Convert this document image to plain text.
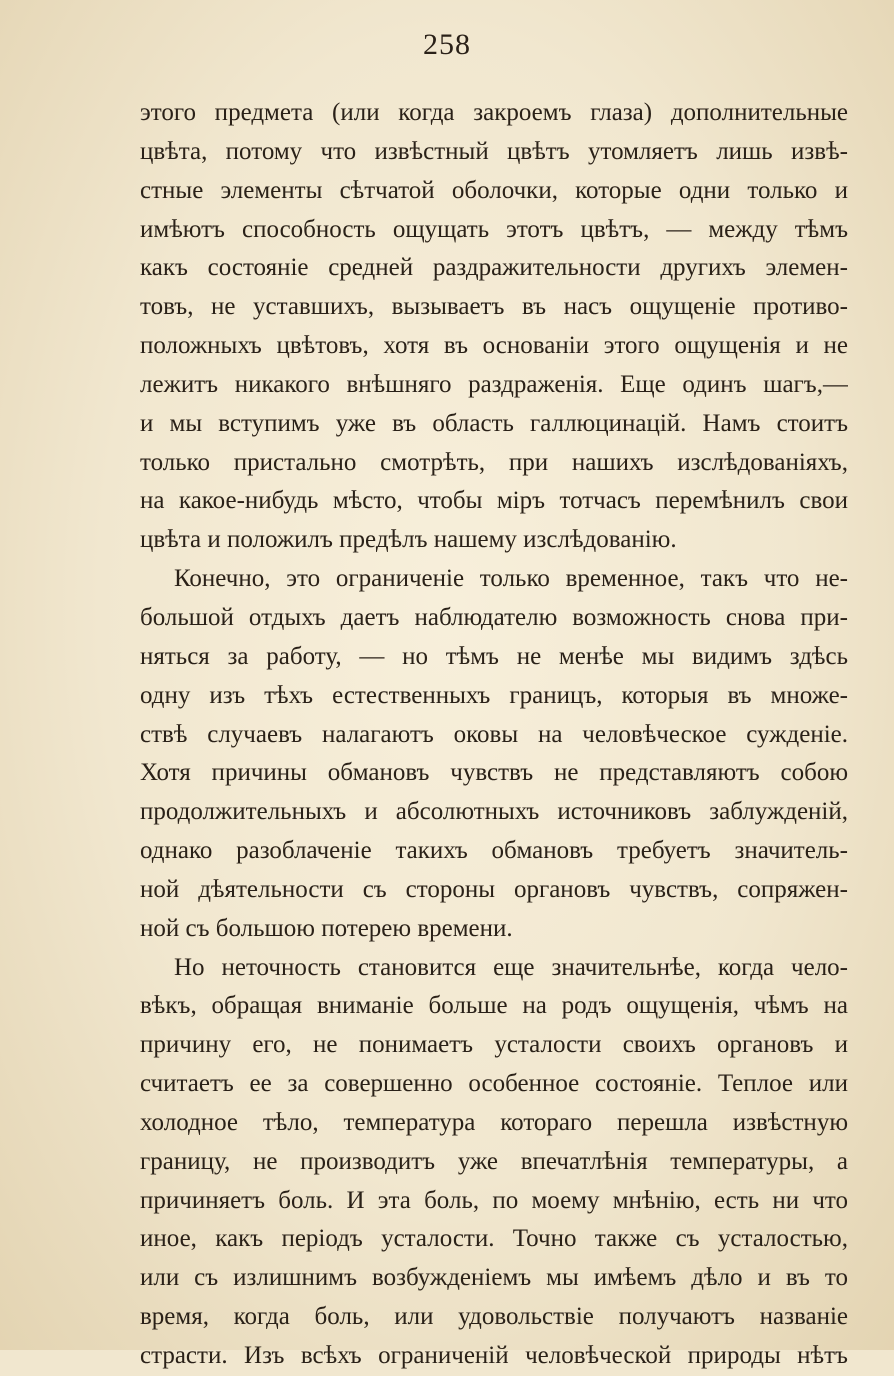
258
этого предмета (или когда закроемъ глаза) дополнительные
цвѣта, потому что извѣстный цвѣтъ утомляетъ лишь извѣ-
стные элементы сѣтчатой оболочки, которые одни только и
имѣютъ способность ощущать этотъ цвѣтъ, — между тѣмъ
какъ состояніе средней раздражительности другихъ элемен-
товъ, не уставшихъ, вызываетъ въ насъ ощущеніе противо-
положныхъ цвѣтовъ, хотя въ основаніи этого ощущенія и не
лежитъ никакого внѣшняго раздраженія. Еще одинъ шагъ,—
и мы вступимъ уже въ область галлюцинацій. Намъ стоитъ
только пристально смотрѣть, при нашихъ изслѣдованіяхъ,
на какое-нибудь мѣсто, чтобы міръ тотчасъ перемѣнилъ свои
цвѣта и положилъ предѣлъ нашему изслѣдованію.
Конечно, это ограниченіе только временное, такъ что не-
большой отдыхъ даетъ наблюдателю возможность снова при-
няться за работу, — но тѣмъ не менѣе мы видимъ здѣсь
одну изъ тѣхъ естественныхъ границъ, которыя въ множе-
ствѣ случаевъ налагаютъ оковы на человѣческое сужденіе.
Хотя причины обмановъ чувствъ не представляютъ собою
продолжительныхъ и абсолютныхъ источниковъ заблужденій,
однако разоблаченіе такихъ обмановъ требуетъ значитель-
ной дѣятельности съ стороны органовъ чувствъ, сопряжен-
ной съ большою потерею времени.
Но неточность становится еще значительнѣе, когда чело-
вѣкъ, обращая вниманіе больше на родъ ощущенія, чѣмъ на
причину его, не понимаетъ усталости своихъ органовъ и
считаетъ ее за совершенно особенное состояніе. Теплое или
холодное тѣло, температура котораго перешла извѣстную
границу, не производитъ уже впечатлѣнія температуры, а
причиняетъ боль. И эта боль, по моему мнѣнію, есть ни что
иное, какъ періодъ усталости. Точно также съ усталостью,
или съ излишнимъ возбужденіемъ мы имѣемъ дѣло и въ то
время, когда боль, или удовольствіе получаютъ названіе
страсти. Изъ всѣхъ ограниченій человѣческой природы нѣтъ
